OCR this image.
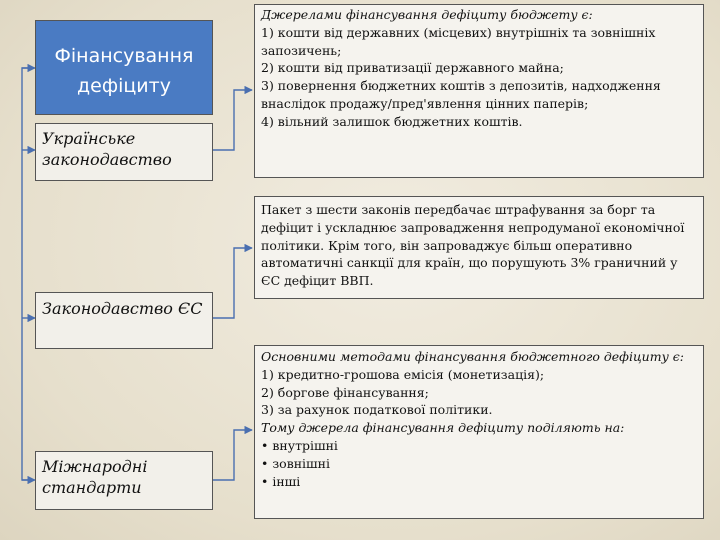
Фінансування
дефіциту
Українське
законодавство
Законодавство ЄС
Міжнародні
стандарти
Джерелами фінансування дефіциту бюджету є:
1) кошти від державних (місцевих) внутрішніх та зовнішніх
запозичень;
2) кошти від приватизації державного майна;
3) повернення бюджетних коштів з депозитів, надходження
внаслідок продажу/пред'явлення цінних паперів;
4) вільний залишок бюджетних коштів.
Пакет з шести законів передбачає штрафування за борг та
дефіцит і ускладнює запровадження непродуманої економічної
політики. Крім того, він запроваджує більш оперативно
автоматичні санкції для країн, що порушують 3% граничний у
ЄС дефіцит ВВП.
Основними методами фінансування бюджетного дефіциту є:
1) кредитно-грошова емісія (монетизація);
2) боргове фінансування;
3) за рахунок податкової політики.
Тому джерела фінансування дефіциту поділяють на:
• внутрішні
• зовнішні
• інші
